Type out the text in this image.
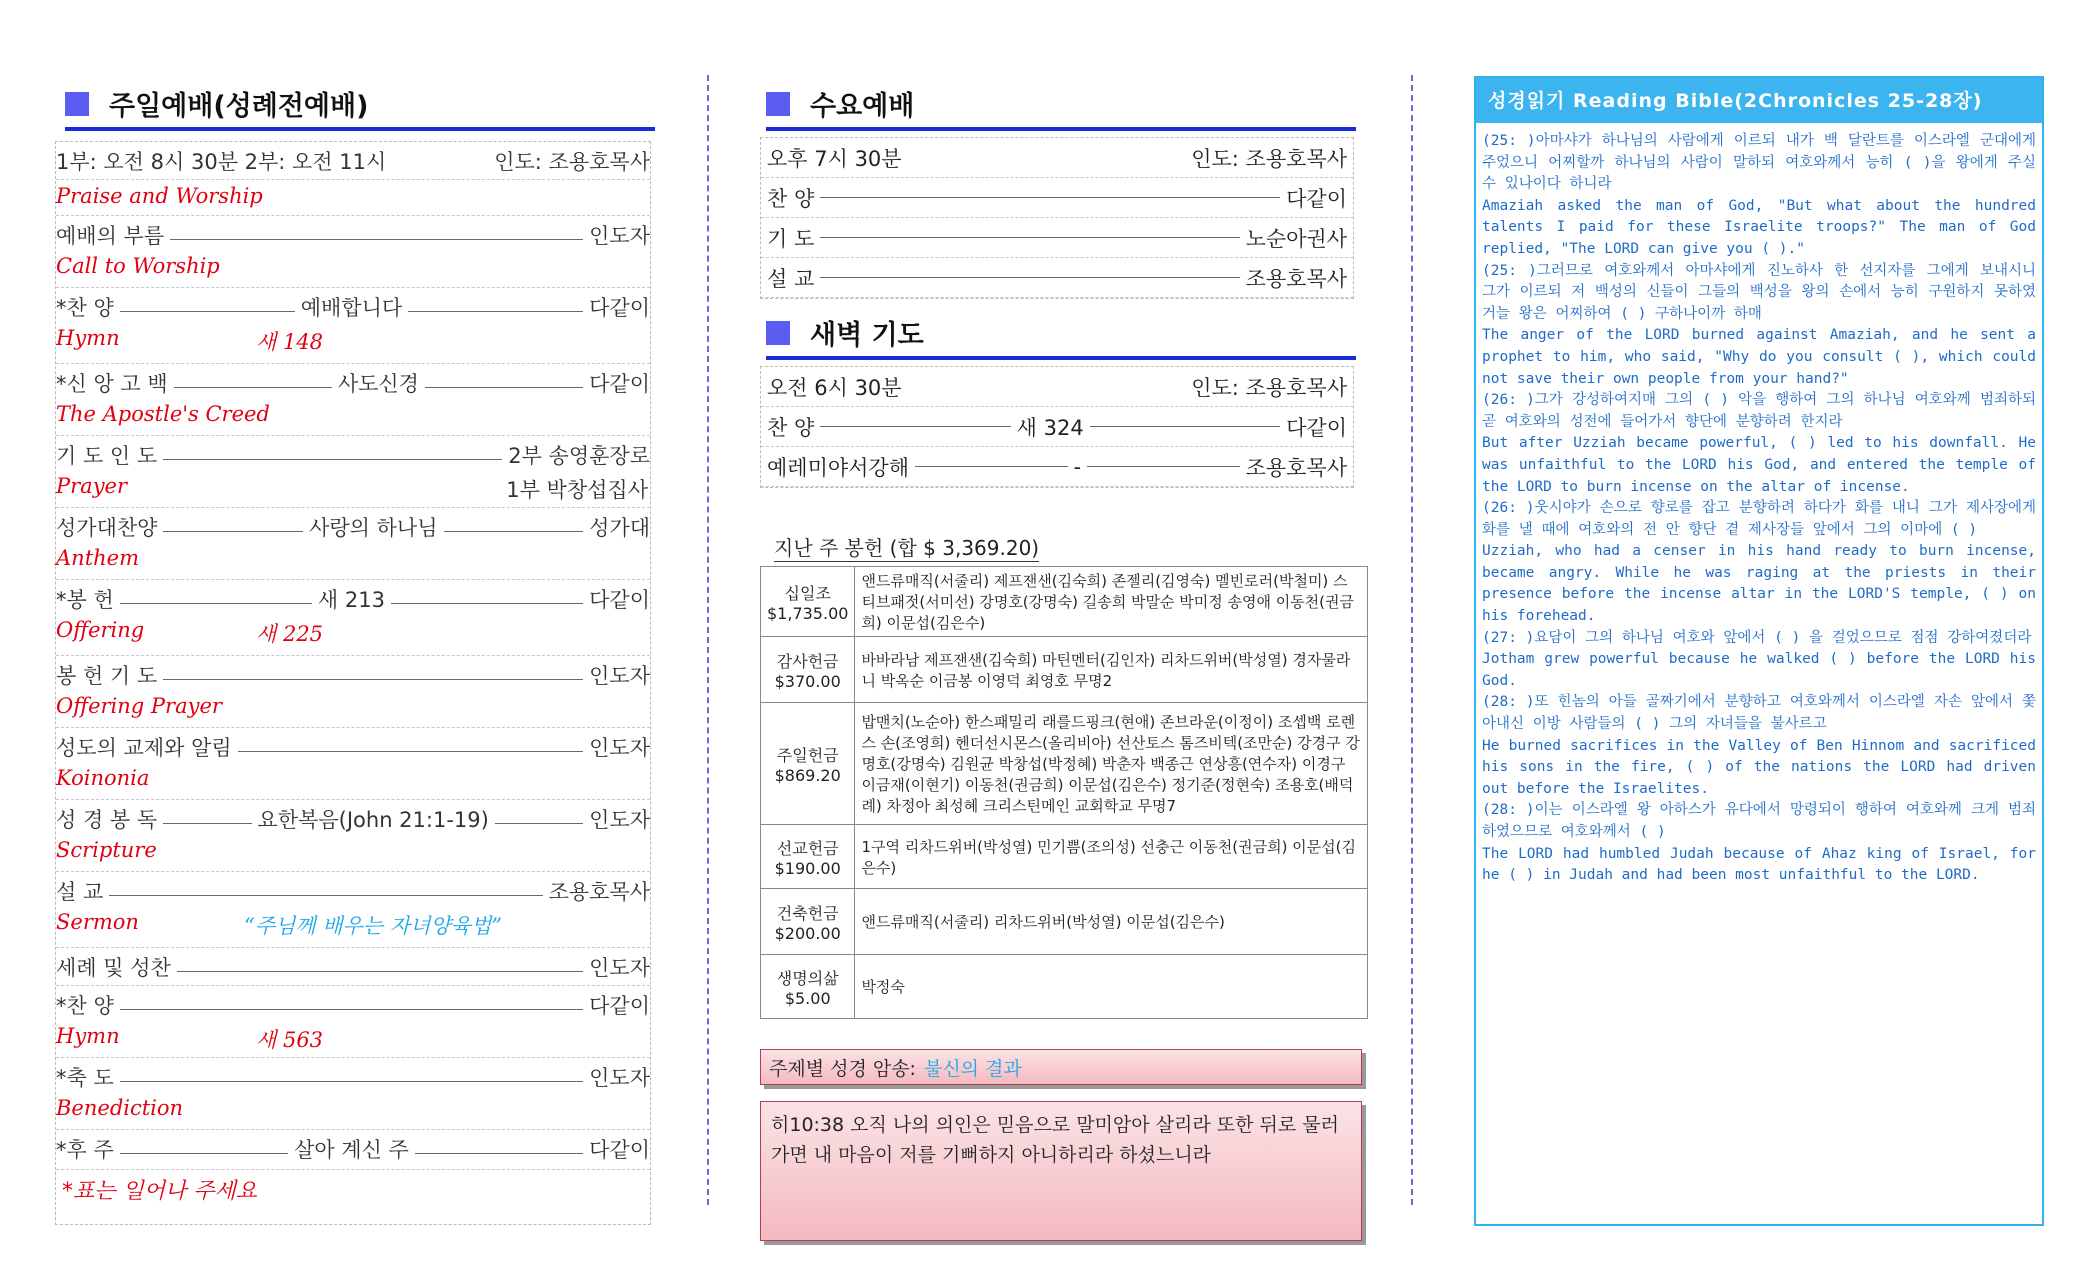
주일예배(성례전예배)
1부: 오전 8시 30분 2부: 오전 11시	인도: 조용호목사
Praise and Worship
예배의 부름	인도자
Call to Worship
*찬 양	예배합니다	다같이
Hymn	새 148
*신 앙 고 백	사도신경	다같이
The Apostle's Creed
기 도 인 도	2부 송영훈장로
Prayer	1부 박창섭집사
성가대찬양	사랑의 하나님	성가대
Anthem
*봉 헌	새 213	다같이
Offering	새 225
봉 헌 기 도	인도자
Offering Prayer
성도의 교제와 알림	인도자
Koinonia
성 경 봉 독	요한복음(John 21:1-19)	인도자
Scripture
설 교	조용호목사
Sermon	“주님께 배우는 자녀양육법”
세례 및 성찬	인도자
*찬 양	다같이
Hymn	새 563
*축 도	인도자
Benediction
*후 주	살아 계신 주	다같이
*표는 일어나 주세요
수요예배
오후 7시 30분	인도: 조용호목사
찬 양	다같이
기 도	노순아권사
설 교	조용호목사
새벽 기도
오전 6시 30분	인도: 조용호목사
찬 양	새 324	다같이
예레미야서강해	-	조용호목사
지난 주 봉헌 (합 $ 3,369.20)
십일조
$1,735.00	앤드류매직(서줄리) 제프잰샌(김숙희) 존젤리(김영숙) 멜빈로러(박철미) 스티브패젓(서미선) 강명호(강명숙) 길송희 박말순 박미정 송영애 이동천(권금희) 이문섭(김은수)

감사헌금
$370.00	바바라남 제프잰샌(김숙희) 마틴멘터(김인자) 리차드위버(박성열) 경자물라니 박옥순 이금봉 이영덕 최영호 무명2

주일헌금
$869.20	밥맨치(노순아) 한스패밀리 래를드핑크(현애) 존브라운(이정이) 조셉백 로렌스 손(조영희) 헨더선시몬스(올리비아) 선산토스 톰즈비텍(조만순) 강경구 강명호(강명숙) 김원균 박창섭(박정혜) 박춘자 백종근 연상흥(연수자) 이경구 이금재(이현기) 이동천(권금희) 이문섭(김은수) 정기준(정현숙) 조용호(배덕례) 차정아 최성혜 크리스틴메인 교회학교 무명7

선교헌금
$190.00	1구역 리차드위버(박성열) 민기쁨(조의성) 선충근 이동천(권금희) 이문섭(김은수)

건축헌금
$200.00	앤드류매직(서줄리) 리차드위버(박성열) 이문섭(김은수)

생명의삶
$5.00	박정숙
주제별 성경 암송: 불신의 결과
히10:38 오직 나의 의인은 믿음으로 말미암아 살리라 또한 뒤로 물러가면 내 마음이 저를 기뻐하지 아니하리라 하셨느니라
성경읽기 Reading Bible(2Chronicles 25-28장)
(25: )아마샤가 하나님의 사람에게 이르되 내가 백 달란트를 이스라엘 군대에게 주었으니 어찌할까 하나님의 사람이 말하되 여호와께서 능히 ( )을 왕에게 주실 수 있나이다 하니라
Amaziah asked the man of God, "But what about the hundred talents I paid for these Israelite troops?" The man of God replied, "The LORD can give you ( )."
(25: )그러므로 여호와께서 아마샤에게 진노하사 한 선지자를 그에게 보내시니 그가 이르되 저 백성의 신들이 그들의 백성을 왕의 손에서 능히 구원하지 못하였거늘 왕은 어찌하여 ( ) 구하나이까 하매
The anger of the LORD burned against Amaziah, and he sent a prophet to him, who said, "Why do you consult ( ), which could not save their own people from your hand?"
(26: )그가 강성하여지매 그의 ( ) 악을 행하여 그의 하나님 여호와께 범죄하되 곧 여호와의 성전에 들어가서 향단에 분향하려 한지라
But after Uzziah became powerful, ( ) led to his downfall. He was unfaithful to the LORD his God, and entered the temple of the LORD to burn incense on the altar of incense.
(26: )웃시야가 손으로 향로를 잡고 분향하려 하다가 화를 내니 그가 제사장에게 화를 낼 때에 여호와의 전 안 향단 곁 제사장들 앞에서 그의 이마에 ( )
Uzziah, who had a censer in his hand ready to burn incense, became angry. While he was raging at the priests in their presence before the incense altar in the LORD'S temple, ( ) on his forehead.
(27: )요담이 그의 하나님 여호와 앞에서 ( ) 을 걸었으므로 점점 강하여졌더라
Jotham grew powerful because he walked ( ) before the LORD his God.
(28: )또 힌놈의 아들 골짜기에서 분향하고 여호와께서 이스라엘 자손 앞에서 쫓아내신 이방 사람들의 ( ) 그의 자녀들을 불사르고
He burned sacrifices in the Valley of Ben Hinnom and sacrificed his sons in the fire, ( ) of the nations the LORD had driven out before the Israelites.
(28: )이는 이스라엘 왕 아하스가 유다에서 망령되이 행하여 여호와께 크게 범죄하였으므로 여호와께서 ( )
The LORD had humbled Judah because of Ahaz king of Israel, for he ( ) in Judah and had been most unfaithful to the LORD.
